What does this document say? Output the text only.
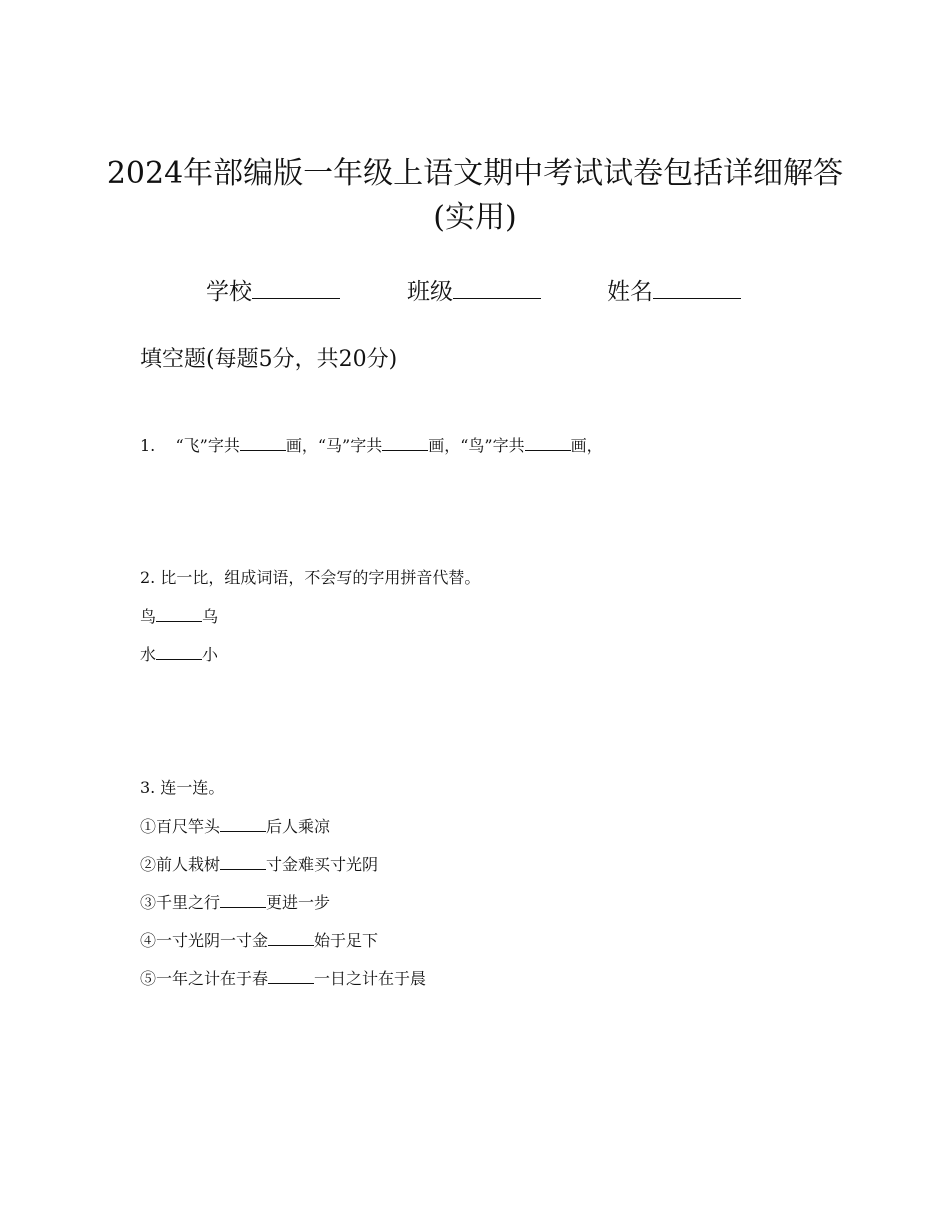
2024年部编版一年级上语文期中考试试卷包括详细解答(实用)
学校	班级	姓名
填空题(每题5分，共20分)
1. “飞”字共	画，“马”字共	画，“鸟”字共	画，
2. 比一比，组成词语，不会写的字用拼音代替。
鸟	乌
水	小
3. 连一连。
①百尺竿头	后人乘凉
②前人栽树	寸金难买寸光阴
③千里之行	更进一步
④一寸光阴一寸金	始于足下
⑤一年之计在于春	一日之计在于晨
